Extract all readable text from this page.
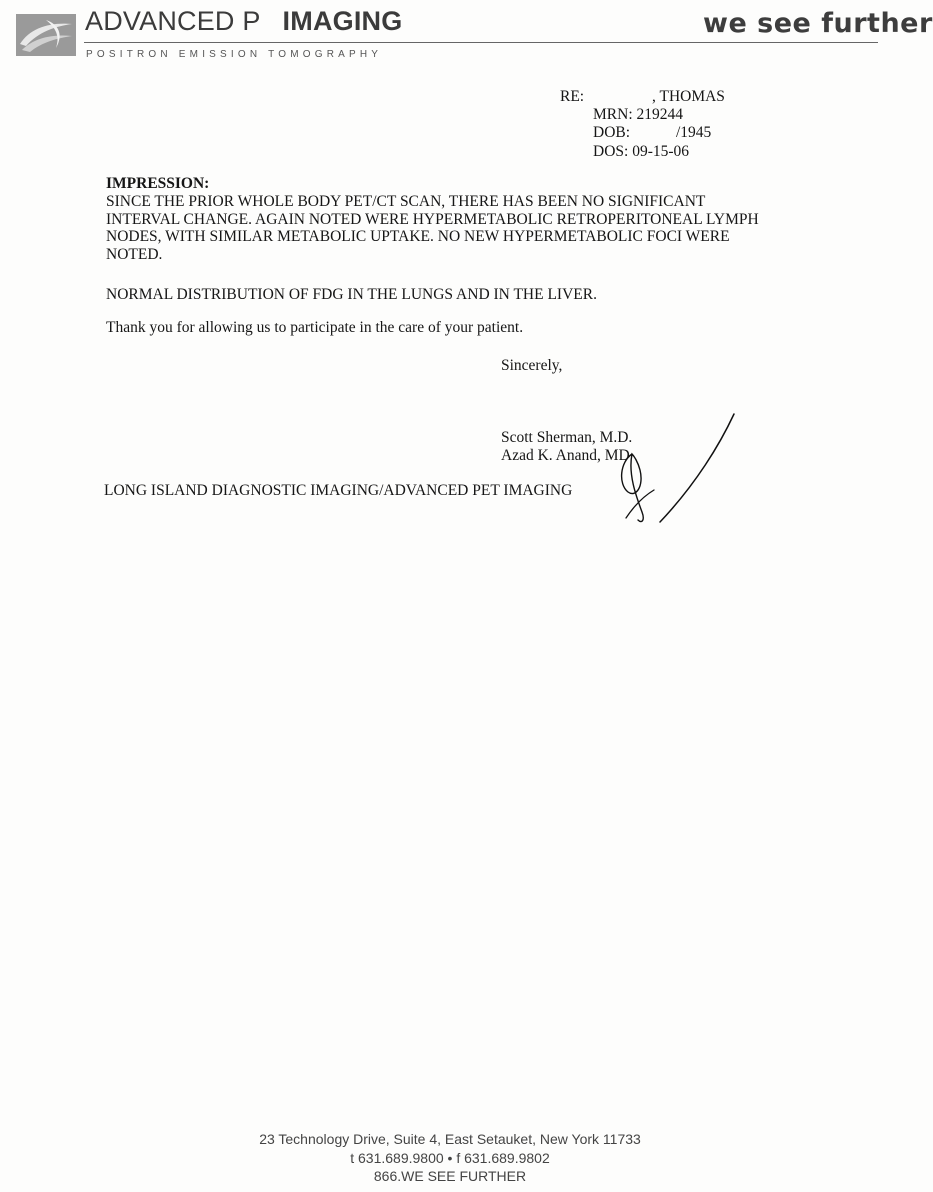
ADVANCED P IMAGING
POSITRON EMISSION TOMOGRAPHY
we see further
RE:	, THOMAS
MRN: 219244
DOB:	/1945
DOS: 09-15-06
IMPRESSION:
SINCE THE PRIOR WHOLE BODY PET/CT SCAN, THERE HAS BEEN NO SIGNIFICANT
INTERVAL CHANGE. AGAIN NOTED WERE HYPERMETABOLIC RETROPERITONEAL LYMPH
NODES, WITH SIMILAR METABOLIC UPTAKE. NO NEW HYPERMETABOLIC FOCI WERE
NOTED.
NORMAL DISTRIBUTION OF FDG IN THE LUNGS AND IN THE LIVER.
Thank you for allowing us to participate in the care of your patient.
Sincerely,
Scott Sherman, M.D.
Azad K. Anand, MD
LONG ISLAND DIAGNOSTIC IMAGING/ADVANCED PET IMAGING
23 Technology Drive, Suite 4, East Setauket, New York 11733
t 631.689.9800 • f 631.689.9802
866.WE SEE FURTHER
